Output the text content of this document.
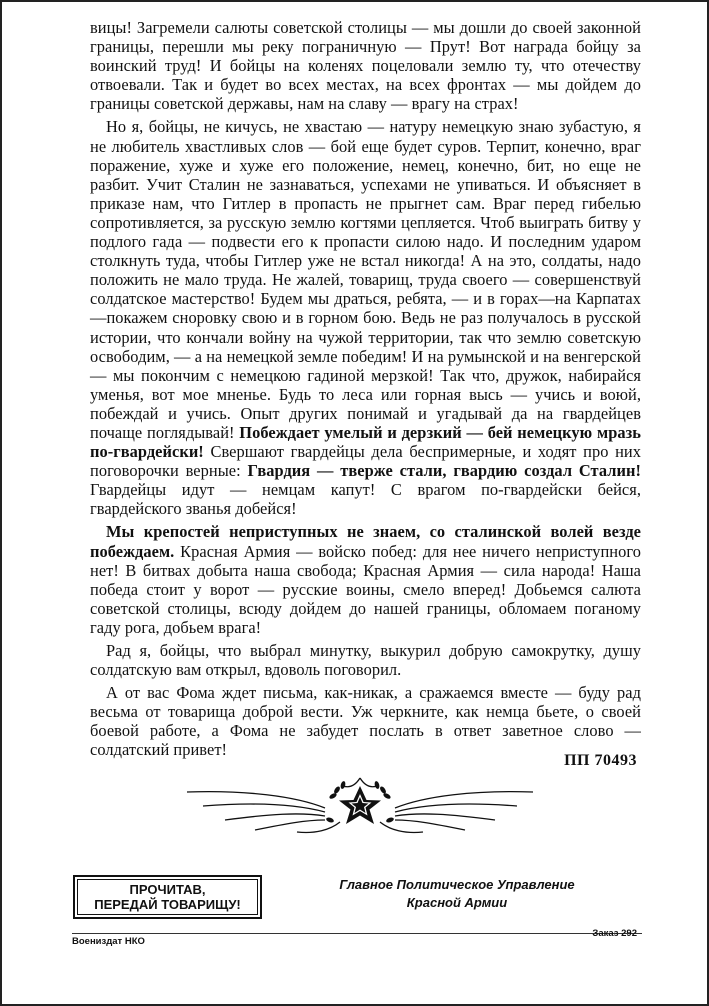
вицы! Загремели салюты советской столицы — мы дошли до своей законной границы, перешли мы реку пограничную — Прут! Вот награда бойцу за воинский труд! И бойцы на коленях поцеловали землю ту, что отечеству отвоевали. Так и будет во всех местах, на всех фронтах — мы дойдем до границы советской державы, нам на славу — врагу на страх!

Но я, бойцы, не кичусь, не хвастаю — натуру немецкую знаю зубастую, я не любитель хвастливых слов — бой еще будет суров. Терпит, конечно, враг поражение, хуже и хуже его положение, немец, конечно, бит, но еще не разбит. Учит Сталин не зазнаваться, успехами не упиваться. И объясняет в приказе нам, что Гитлер в пропасть не прыгнет сам. Враг перед гибелью сопротивляется, за русскую землю когтями цепляется. Чтоб выиграть битву у подлого гада — подвести его к пропасти силою надо. И последним ударом столкнуть туда, чтобы Гитлер уже не встал никогда! А на это, солдаты, надо положить не мало труда. Не жалей, товарищ, труда своего — совершенствуй солдатское мастерство! Будем мы драться, ребята, — и в горах—на Карпатах—покажем сноровку свою и в горном бою. Ведь не раз получалось в русской истории, что кончали войну на чужой территории, так что землю советскую освободим, — а на немецкой земле победим! И на румынской и на венгерской — мы покончим с немецкою гадиной мерзкой! Так что, дружок, набирайся уменья, вот мое мненье. Будь то леса или горная высь — учись и воюй, побеждай и учись. Опыт других понимай и угадывай да на гвардейцев почаще поглядывай! Побеждает умелый и дерзкий — бей немецкую мразь по-гвардейски! Свершают гвардейцы дела беспримерные, и ходят про них поговорочки верные: Гвардия — тверже стали, гвардию создал Сталин! Гвардейцы идут — немцам капут! С врагом по-гвардейски бейся, гвардейского званья добейся!

Мы крепостей неприступных не знаем, со сталинской волей везде побеждаем. Красная Армия — войско побед: для нее ничего неприступного нет! В битвах добыта наша свобода; Красная Армия — сила народа! Наша победа стоит у ворот — русские воины, смело вперед! Добьемся салюта советской столицы, всюду дойдем до нашей границы, обломаем поганому гаду рога, добьем врага!

Рад я, бойцы, что выбрал минутку, выкурил добрую самокрутку, душу солдатскую вам открыл, вдоволь поговорил.

А от вас Фома ждет письма, как-никак, а сражаемся вместе — буду рад весьма от товарища доброй вести. Уж черкните, как немца бьете, о своей боевой работе, а Фома не забудет послать в ответ заветное слово — солдатский привет!

ПП 70493
ПРОЧИТАВ,
ПЕРЕДАЙ ТОВАРИЩУ!
Главное Политическое Управление
Красной Армии
Воениздат НКО
Заказ 292
